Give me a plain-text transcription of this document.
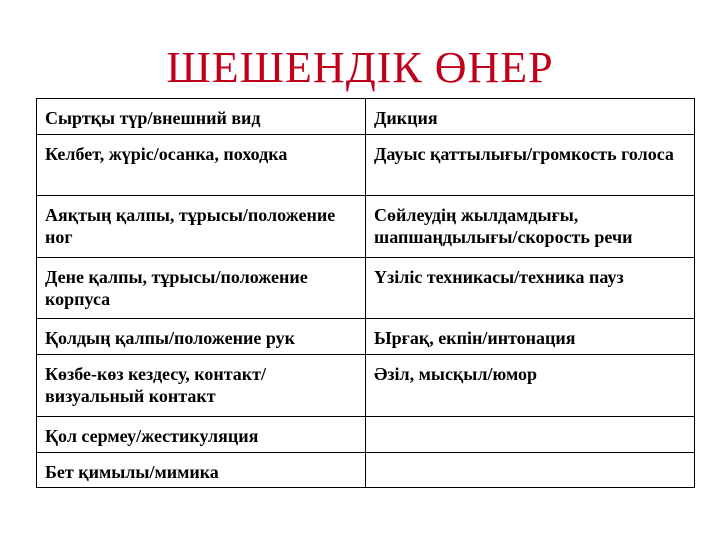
ШЕШЕНДІК ӨНЕР
Сыртқы түр/внешний вид	Дикция

Келбет, жүріс/осанка, походка	Дауыс қаттылығы/громкость голоса

Аяқтың қалпы, тұрысы/положение ног	Сөйлеудің жылдамдығы, шапшаңдылығы/скорость речи

Дене қалпы, тұрысы/положение корпуса	Үзіліс техникасы/техника пауз

Қолдың қалпы/положение рук	Ырғақ, екпін/интонация

Көзбе-көз кездесу, контакт/визуальный контакт	Әзіл, мысқыл/юмор

Қол сермеу/жестикуляция	

Бет қимылы/мимика	
